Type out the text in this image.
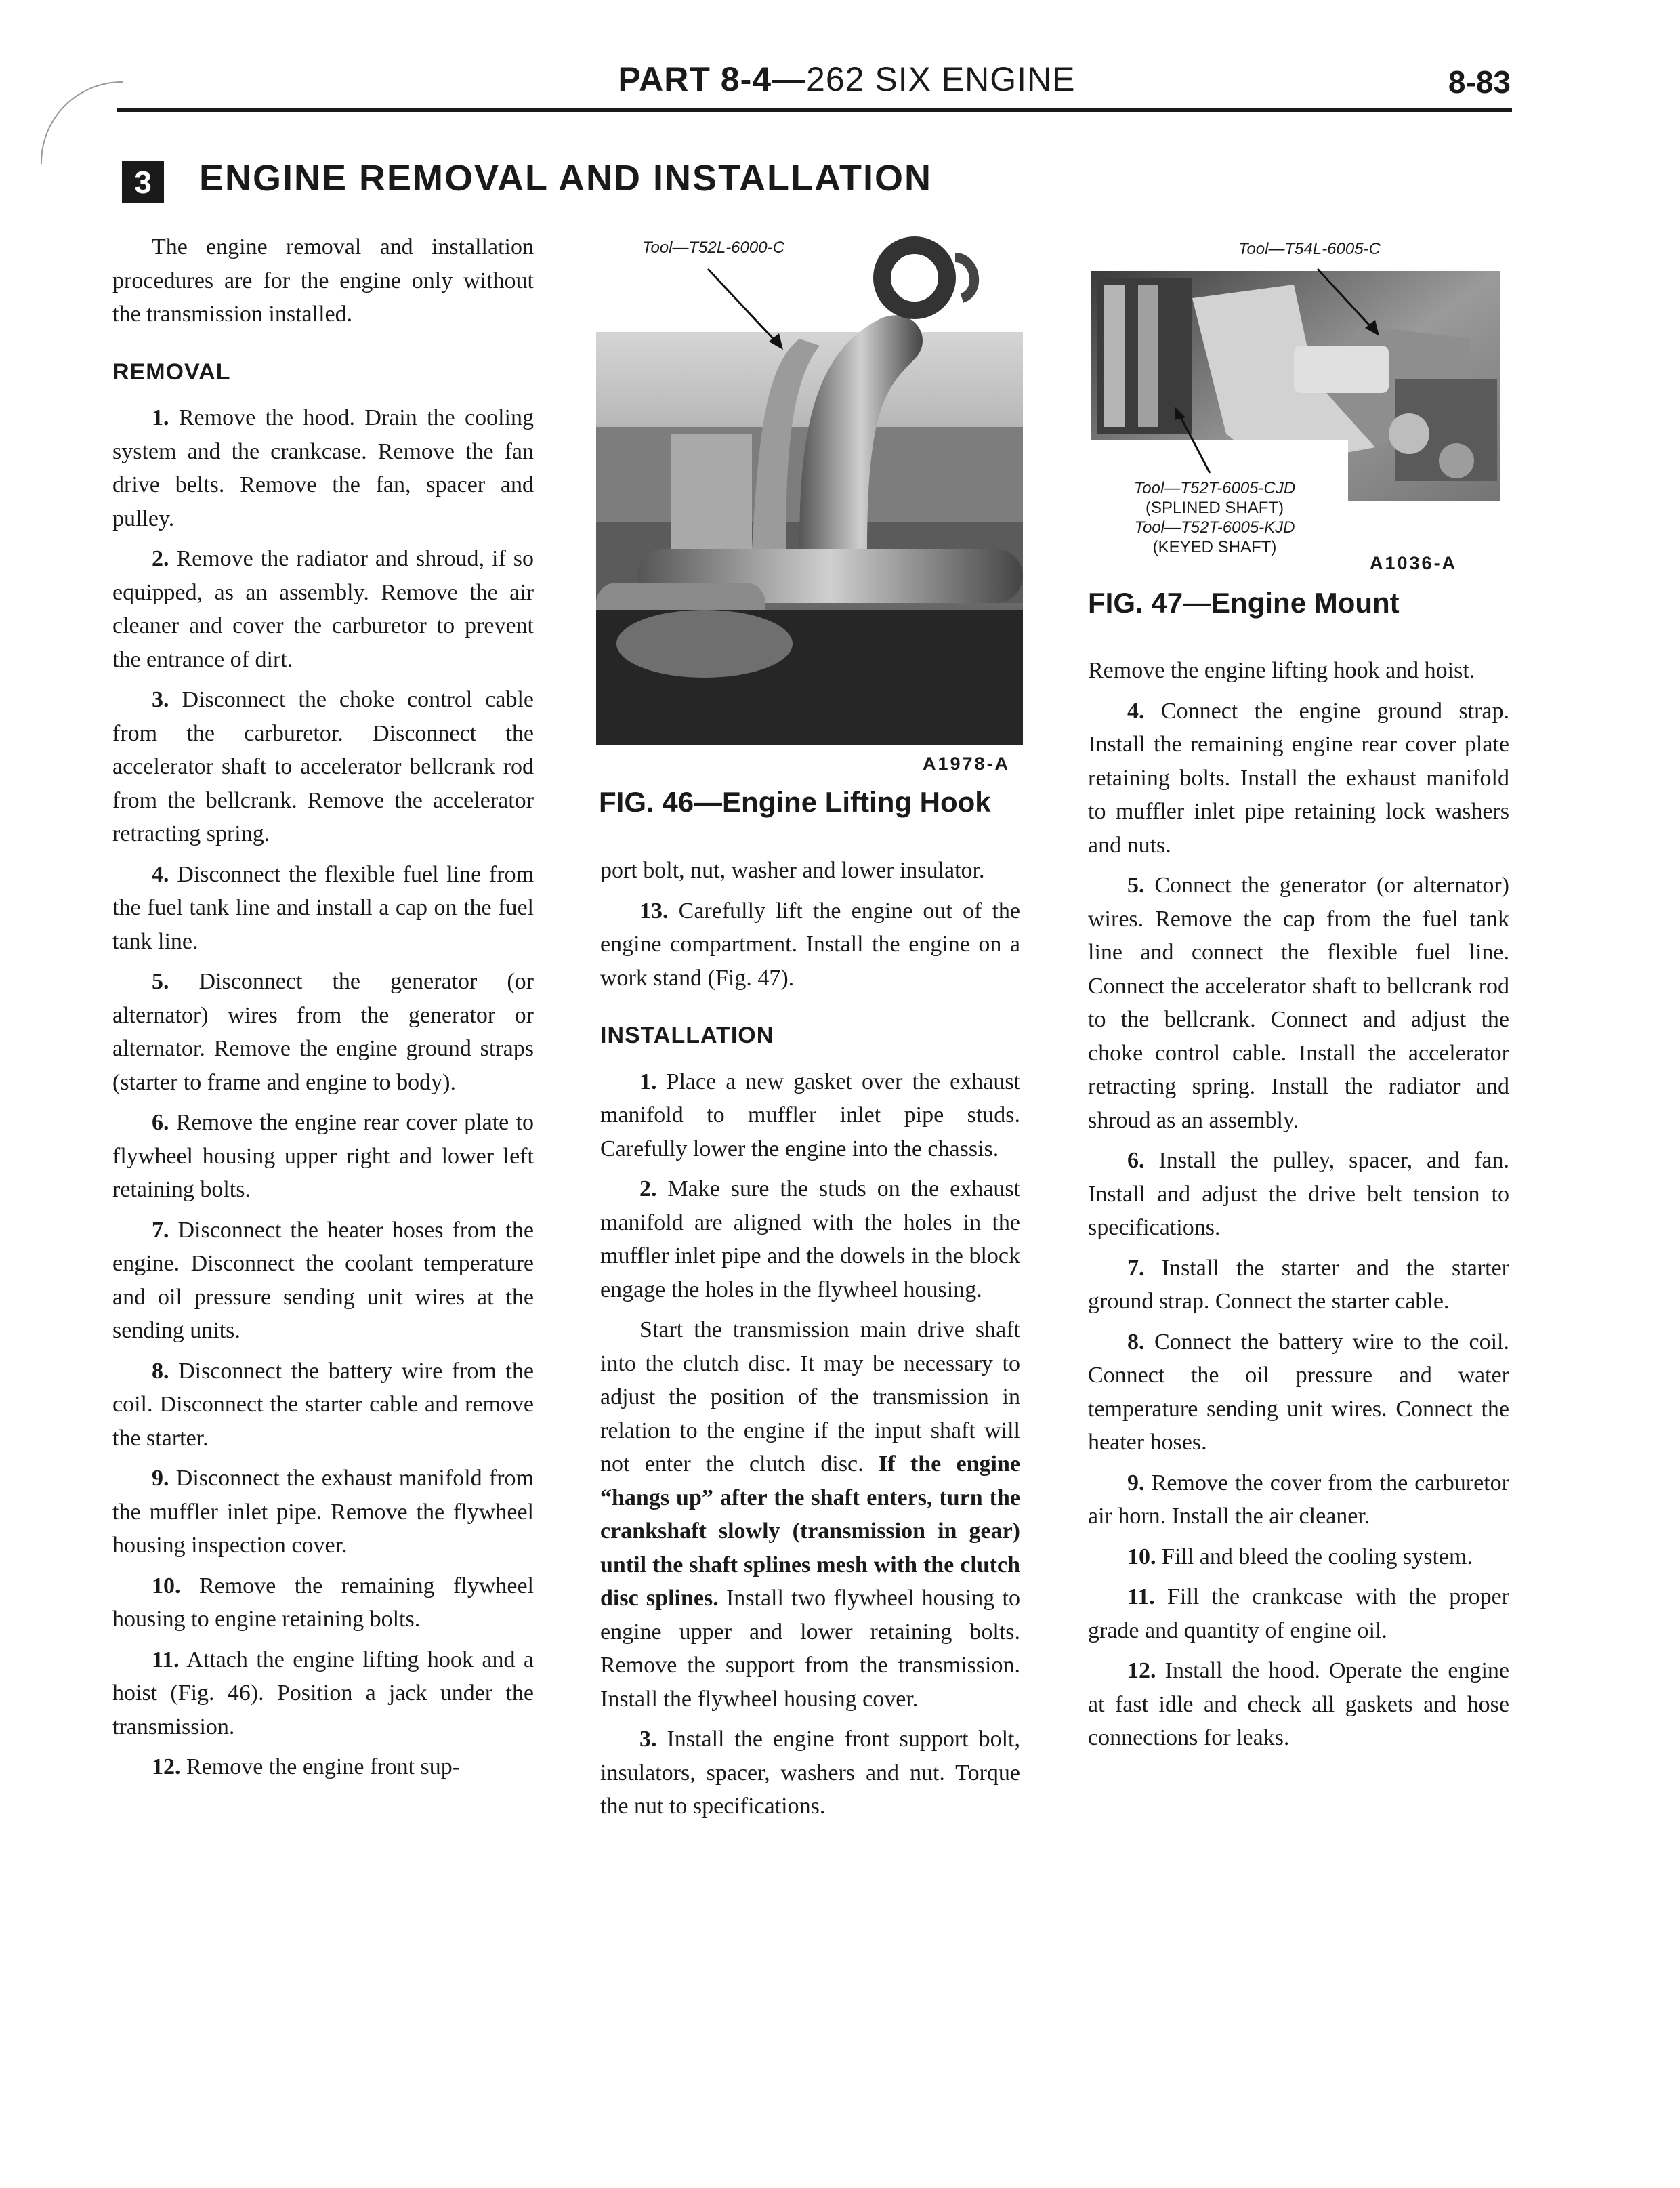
PART 8-4—262 SIX ENGINE	8-83
3	ENGINE REMOVAL AND INSTALLATION

The engine removal and installation procedures are for the engine only without the transmission installed.

REMOVAL

1. Remove the hood. Drain the cooling system and the crankcase. Remove the fan drive belts. Remove the fan, spacer and pulley.

2. Remove the radiator and shroud, if so equipped, as an assembly. Remove the air cleaner and cover the carburetor to prevent the entrance of dirt.

3. Disconnect the choke control cable from the carburetor. Disconnect the accelerator shaft to accelerator bellcrank rod from the bellcrank. Remove the accelerator retracting spring.

4. Disconnect the flexible fuel line from the fuel tank line and install a cap on the fuel tank line.

5. Disconnect the generator (or alternator) wires from the generator or alternator. Remove the engine ground straps (starter to frame and engine to body).

6. Remove the engine rear cover plate to flywheel housing upper right and lower left retaining bolts.

7. Disconnect the heater hoses from the engine. Disconnect the coolant temperature and oil pressure sending unit wires at the sending units.

8. Disconnect the battery wire from the coil. Disconnect the starter cable and remove the starter.

9. Disconnect the exhaust manifold from the muffler inlet pipe. Remove the flywheel housing inspection cover.

10. Remove the remaining flywheel housing to engine retaining bolts.

11. Attach the engine lifting hook and a hoist (Fig. 46). Position a jack under the transmission.

12. Remove the engine front sup-

Tool—T52L-6000-C
A1978-A
FIG. 46—Engine Lifting Hook
Tool—T54L-6005-C
Tool—T52T-6005-CJD
(SPLINED SHAFT)
Tool—T52T-6005-KJD
(KEYED SHAFT)
A1036-A
FIG. 47—Engine Mount

port bolt, nut, washer and lower insulator.

13. Carefully lift the engine out of the engine compartment. Install the engine on a work stand (Fig. 47).

INSTALLATION

1. Place a new gasket over the exhaust manifold to muffler inlet pipe studs. Carefully lower the engine into the chassis.

2. Make sure the studs on the exhaust manifold are aligned with the holes in the muffler inlet pipe and the dowels in the block engage the holes in the flywheel housing.

Start the transmission main drive shaft into the clutch disc. It may be necessary to adjust the position of the transmission in relation to the engine if the input shaft will not enter the clutch disc. If the engine “hangs up” after the shaft enters, turn the crankshaft slowly (transmission in gear) until the shaft splines mesh with the clutch disc splines. Install two flywheel housing to engine upper and lower retaining bolts. Remove the support from the transmission. Install the flywheel housing cover.

3. Install the engine front support bolt, insulators, spacer, washers and nut. Torque the nut to specifications.

Remove the engine lifting hook and hoist.

4. Connect the engine ground strap. Install the remaining engine rear cover plate retaining bolts. Install the exhaust manifold to muffler inlet pipe retaining lock washers and nuts.

5. Connect the generator (or alternator) wires. Remove the cap from the fuel tank line and connect the flexible fuel line. Connect the accelerator shaft to bellcrank rod to the bellcrank. Connect and adjust the choke control cable. Install the accelerator retracting spring. Install the radiator and shroud as an assembly.

6. Install the pulley, spacer, and fan. Install and adjust the drive belt tension to specifications.

7. Install the starter and the starter ground strap. Connect the starter cable.

8. Connect the battery wire to the coil. Connect the oil pressure and water temperature sending unit wires. Connect the heater hoses.

9. Remove the cover from the carburetor air horn. Install the air cleaner.

10. Fill and bleed the cooling system.

11. Fill the crankcase with the proper grade and quantity of engine oil.

12. Install the hood. Operate the engine at fast idle and check all gaskets and hose connections for leaks.
